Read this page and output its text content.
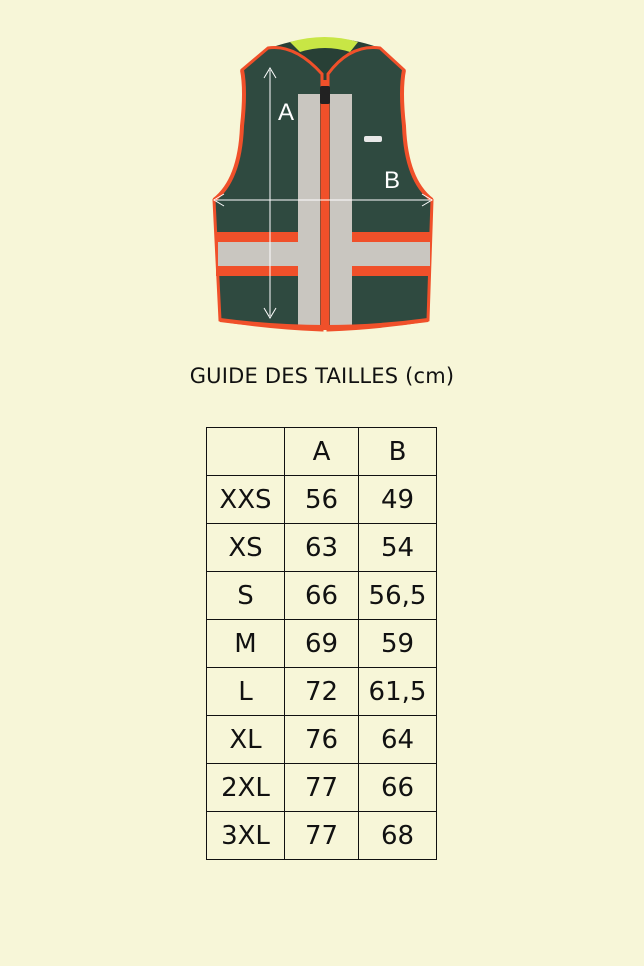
A
B
GUIDE DES TAILLES (cm)
	A	B
XXS	56	49
XS	63	54
S	66	56,5
M	69	59
L	72	61,5
XL	76	64
2XL	77	66
3XL	77	68
